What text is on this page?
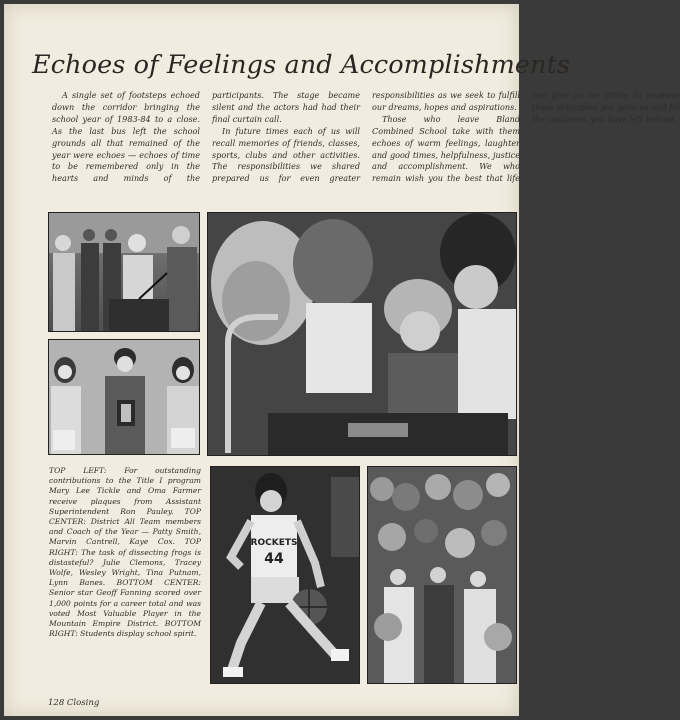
Echoes of Feelings and Accomplishments

A single set of footsteps echoed down the corridor bringing the school year of 1983-84 to a close. As the last bus left the school grounds all that remained of the year were echoes — echoes of time to be remembered only in the hearts and minds of the participants. The stage became silent and the actors had had their final curtain call.

In future times each of us will recall memories of friends, classes, sports, clubs and other activities. The responsibilities we shared prepared us for even greater responsibilities as we seek to fulfill our dreams, hopes and aspirations.

Those who leave Bland Combined School take with them echoes of warm feelings, laughter and good times, helpfulness, justice and accomplishment. We who remain wish you the best that life can give as we strive to improve these principles you gave us and fill the vacancies you have left behind.

TOP LEFT: For outstanding contributions to the Title I program Mary Lee Tickle and Oma Farmer receive plaques from Assistant Superintendent Ron Pauley. TOP CENTER: District All Team members and Coach of the Year — Patty Smith, Marvin Cantrell, Kaye Cox. TOP RIGHT: The task of dissecting frogs is distasteful? Julie Clemons, Tracey Wolfe, Wesley Wright, Tina Putnam, Lynn Banes. BOTTOM CENTER: Senior star Geoff Fanning scored over 1,000 points for a career total and was voted Most Valuable Player in the Mountain Empire District. BOTTOM RIGHT: Students display school spirit.
ROCKETS
44
128 Closing
